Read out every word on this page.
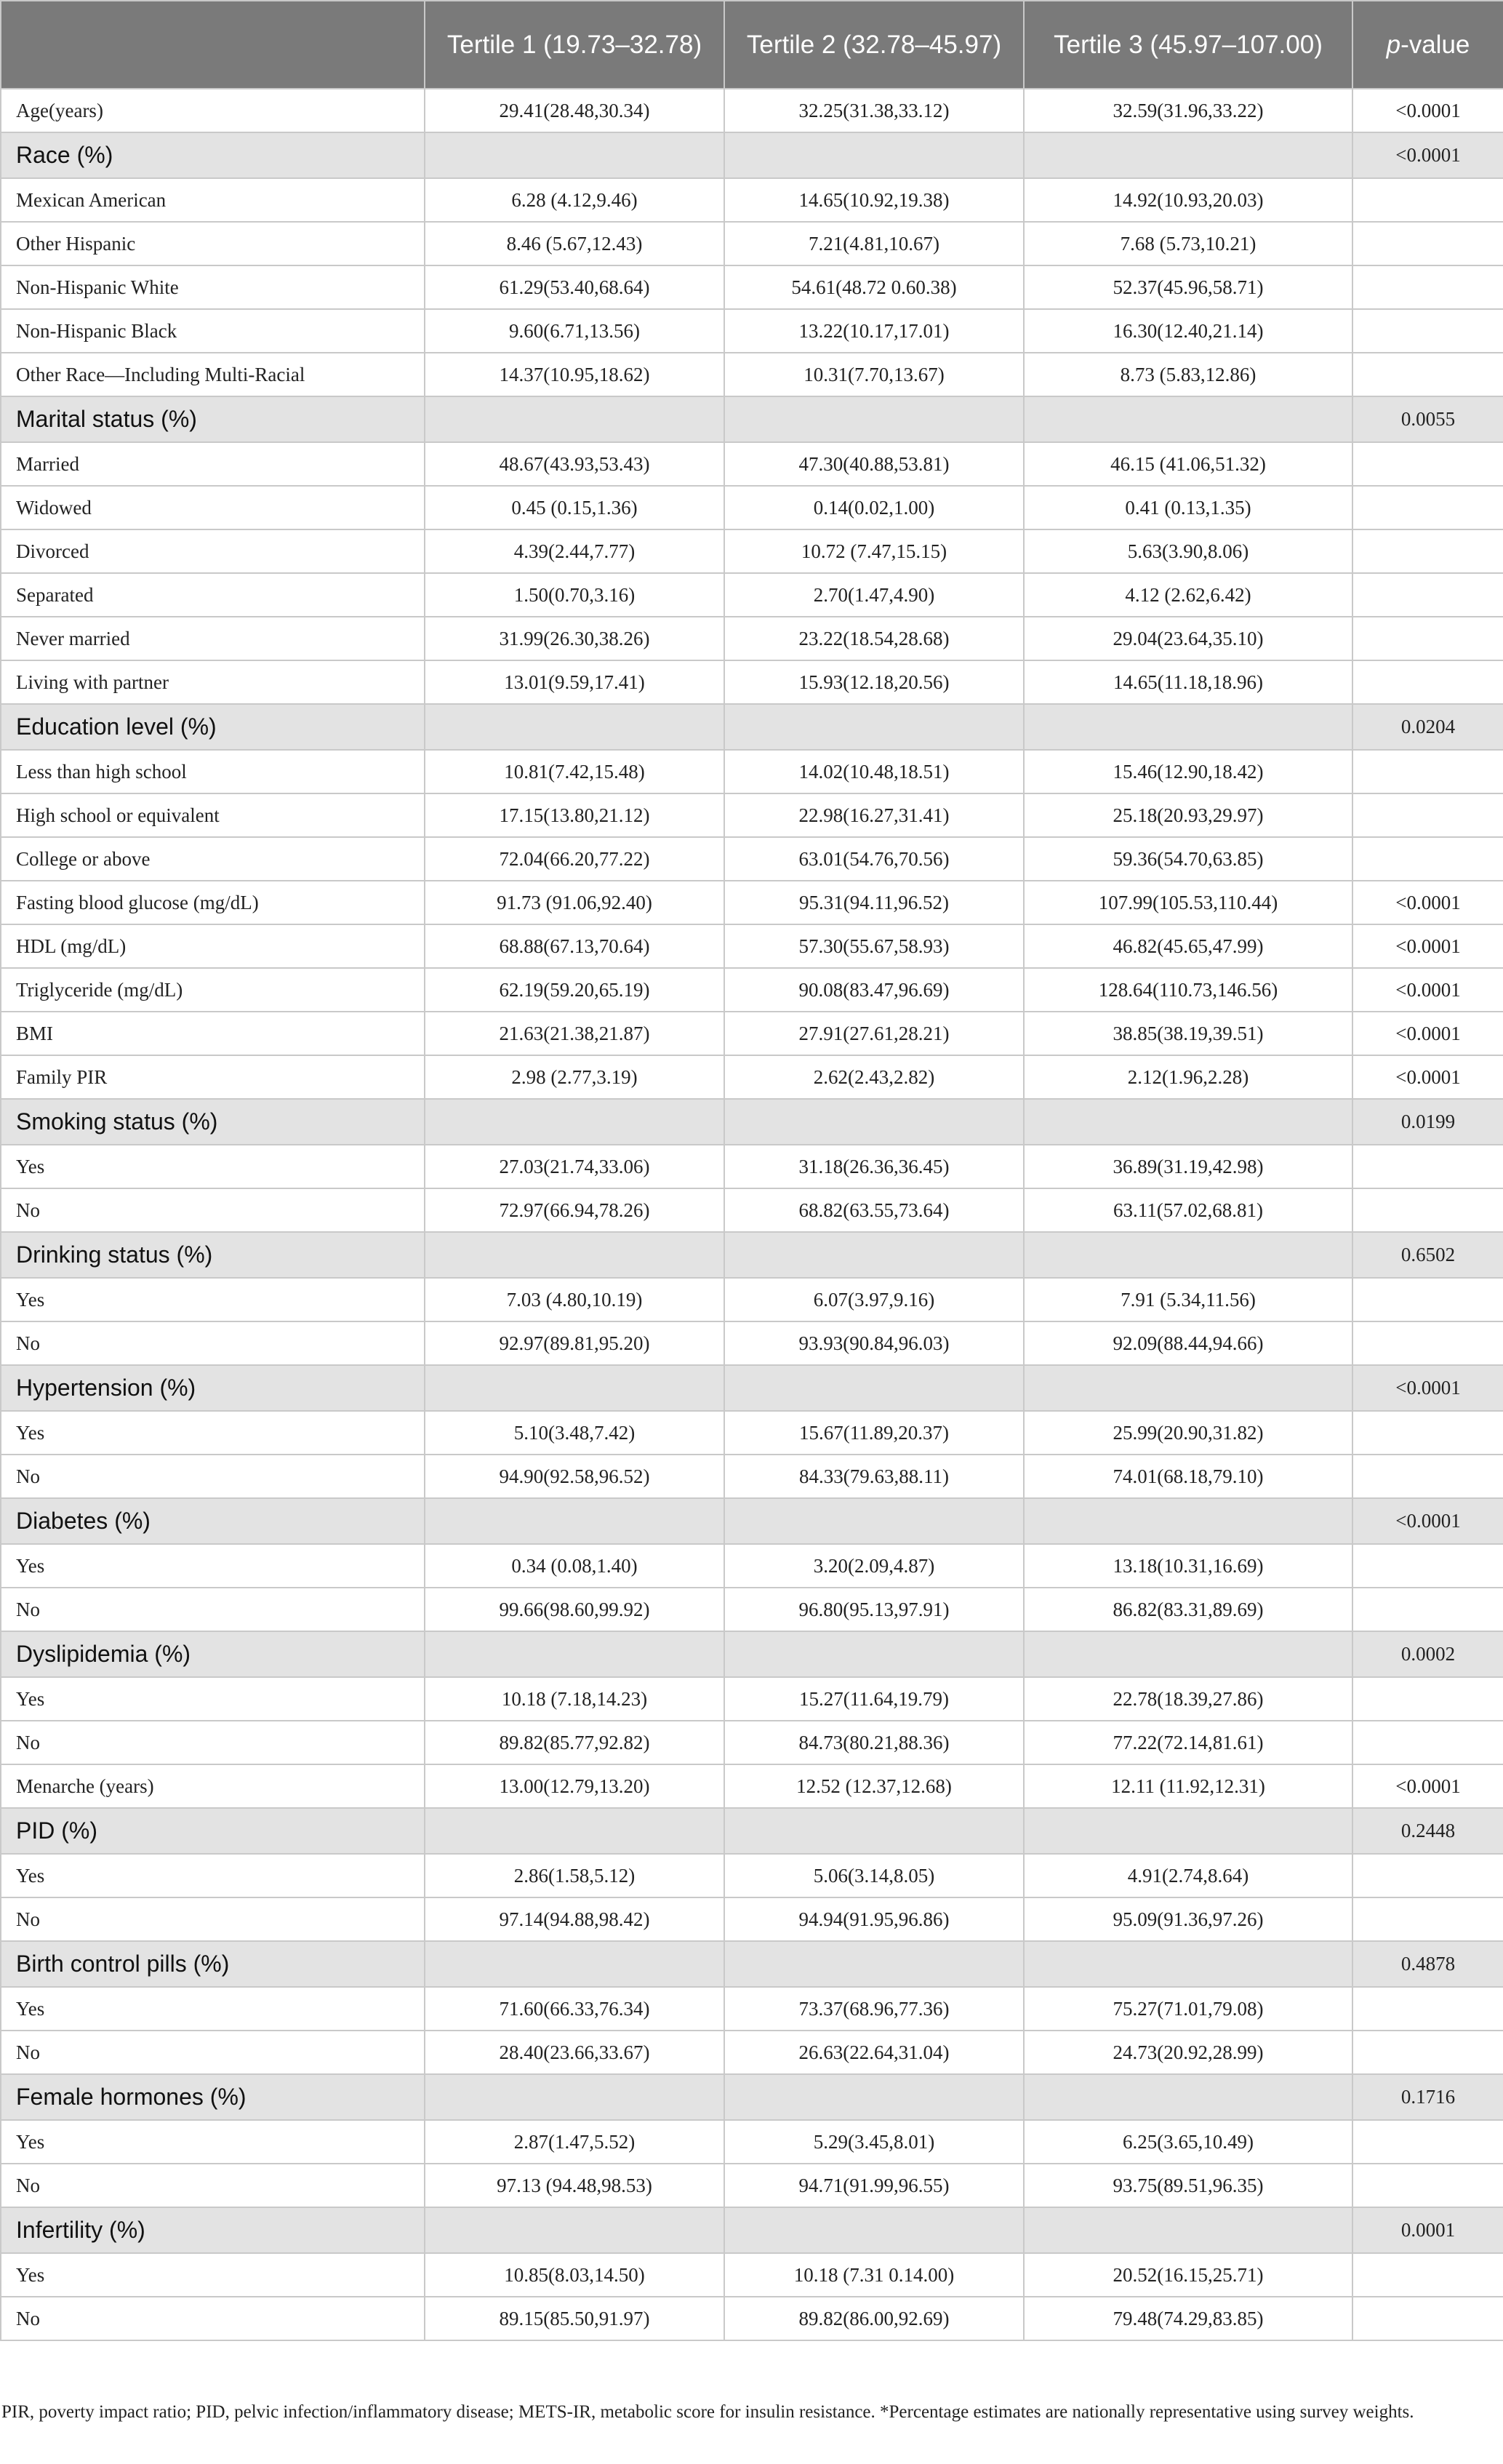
	Tertile 1 (19.73–32.78)	Tertile 2 (32.78–45.97)	Tertile 3 (45.97–107.00)	p-value
Age(years)	29.41(28.48,30.34)	32.25(31.38,33.12)	32.59(31.96,33.22)	<0.0001
Race (%)				<0.0001
Mexican American	6.28 (4.12,9.46)	14.65(10.92,19.38)	14.92(10.93,20.03)	
Other Hispanic	8.46 (5.67,12.43)	7.21(4.81,10.67)	7.68 (5.73,10.21)	
Non-Hispanic White	61.29(53.40,68.64)	54.61(48.72 0.60.38)	52.37(45.96,58.71)	
Non-Hispanic Black	9.60(6.71,13.56)	13.22(10.17,17.01)	16.30(12.40,21.14)	
Other Race—Including Multi-Racial	14.37(10.95,18.62)	10.31(7.70,13.67)	8.73 (5.83,12.86)	
Marital status (%)				0.0055
Married	48.67(43.93,53.43)	47.30(40.88,53.81)	46.15 (41.06,51.32)	
Widowed	0.45 (0.15,1.36)	0.14(0.02,1.00)	0.41 (0.13,1.35)	
Divorced	4.39(2.44,7.77)	10.72 (7.47,15.15)	5.63(3.90,8.06)	
Separated	1.50(0.70,3.16)	2.70(1.47,4.90)	4.12 (2.62,6.42)	
Never married	31.99(26.30,38.26)	23.22(18.54,28.68)	29.04(23.64,35.10)	
Living with partner	13.01(9.59,17.41)	15.93(12.18,20.56)	14.65(11.18,18.96)	
Education level (%)				0.0204
Less than high school	10.81(7.42,15.48)	14.02(10.48,18.51)	15.46(12.90,18.42)	
High school or equivalent	17.15(13.80,21.12)	22.98(16.27,31.41)	25.18(20.93,29.97)	
College or above	72.04(66.20,77.22)	63.01(54.76,70.56)	59.36(54.70,63.85)	
Fasting blood glucose (mg/dL)	91.73 (91.06,92.40)	95.31(94.11,96.52)	107.99(105.53,110.44)	<0.0001
HDL (mg/dL)	68.88(67.13,70.64)	57.30(55.67,58.93)	46.82(45.65,47.99)	<0.0001
Triglyceride (mg/dL)	62.19(59.20,65.19)	90.08(83.47,96.69)	128.64(110.73,146.56)	<0.0001
BMI	21.63(21.38,21.87)	27.91(27.61,28.21)	38.85(38.19,39.51)	<0.0001
Family PIR	2.98 (2.77,3.19)	2.62(2.43,2.82)	2.12(1.96,2.28)	<0.0001
Smoking status (%)				0.0199
Yes	27.03(21.74,33.06)	31.18(26.36,36.45)	36.89(31.19,42.98)	
No	72.97(66.94,78.26)	68.82(63.55,73.64)	63.11(57.02,68.81)	
Drinking status (%)				0.6502
Yes	7.03 (4.80,10.19)	6.07(3.97,9.16)	7.91 (5.34,11.56)	
No	92.97(89.81,95.20)	93.93(90.84,96.03)	92.09(88.44,94.66)	
Hypertension (%)				<0.0001
Yes	5.10(3.48,7.42)	15.67(11.89,20.37)	25.99(20.90,31.82)	
No	94.90(92.58,96.52)	84.33(79.63,88.11)	74.01(68.18,79.10)	
Diabetes (%)				<0.0001
Yes	0.34 (0.08,1.40)	3.20(2.09,4.87)	13.18(10.31,16.69)	
No	99.66(98.60,99.92)	96.80(95.13,97.91)	86.82(83.31,89.69)	
Dyslipidemia (%)				0.0002
Yes	10.18 (7.18,14.23)	15.27(11.64,19.79)	22.78(18.39,27.86)	
No	89.82(85.77,92.82)	84.73(80.21,88.36)	77.22(72.14,81.61)	
Menarche (years)	13.00(12.79,13.20)	12.52 (12.37,12.68)	12.11 (11.92,12.31)	<0.0001
PID (%)				0.2448
Yes	2.86(1.58,5.12)	5.06(3.14,8.05)	4.91(2.74,8.64)	
No	97.14(94.88,98.42)	94.94(91.95,96.86)	95.09(91.36,97.26)	
Birth control pills (%)				0.4878
Yes	71.60(66.33,76.34)	73.37(68.96,77.36)	75.27(71.01,79.08)	
No	28.40(23.66,33.67)	26.63(22.64,31.04)	24.73(20.92,28.99)	
Female hormones (%)				0.1716
Yes	2.87(1.47,5.52)	5.29(3.45,8.01)	6.25(3.65,10.49)	
No	97.13 (94.48,98.53)	94.71(91.99,96.55)	93.75(89.51,96.35)	
Infertility (%)				0.0001
Yes	10.85(8.03,14.50)	10.18 (7.31 0.14.00)	20.52(16.15,25.71)	
No	89.15(85.50,91.97)	89.82(86.00,92.69)	79.48(74.29,83.85)	
PIR, poverty impact ratio; PID, pelvic infection/inflammatory disease; METS-IR, metabolic score for insulin resistance. *Percentage estimates are nationally representative using survey weights.
